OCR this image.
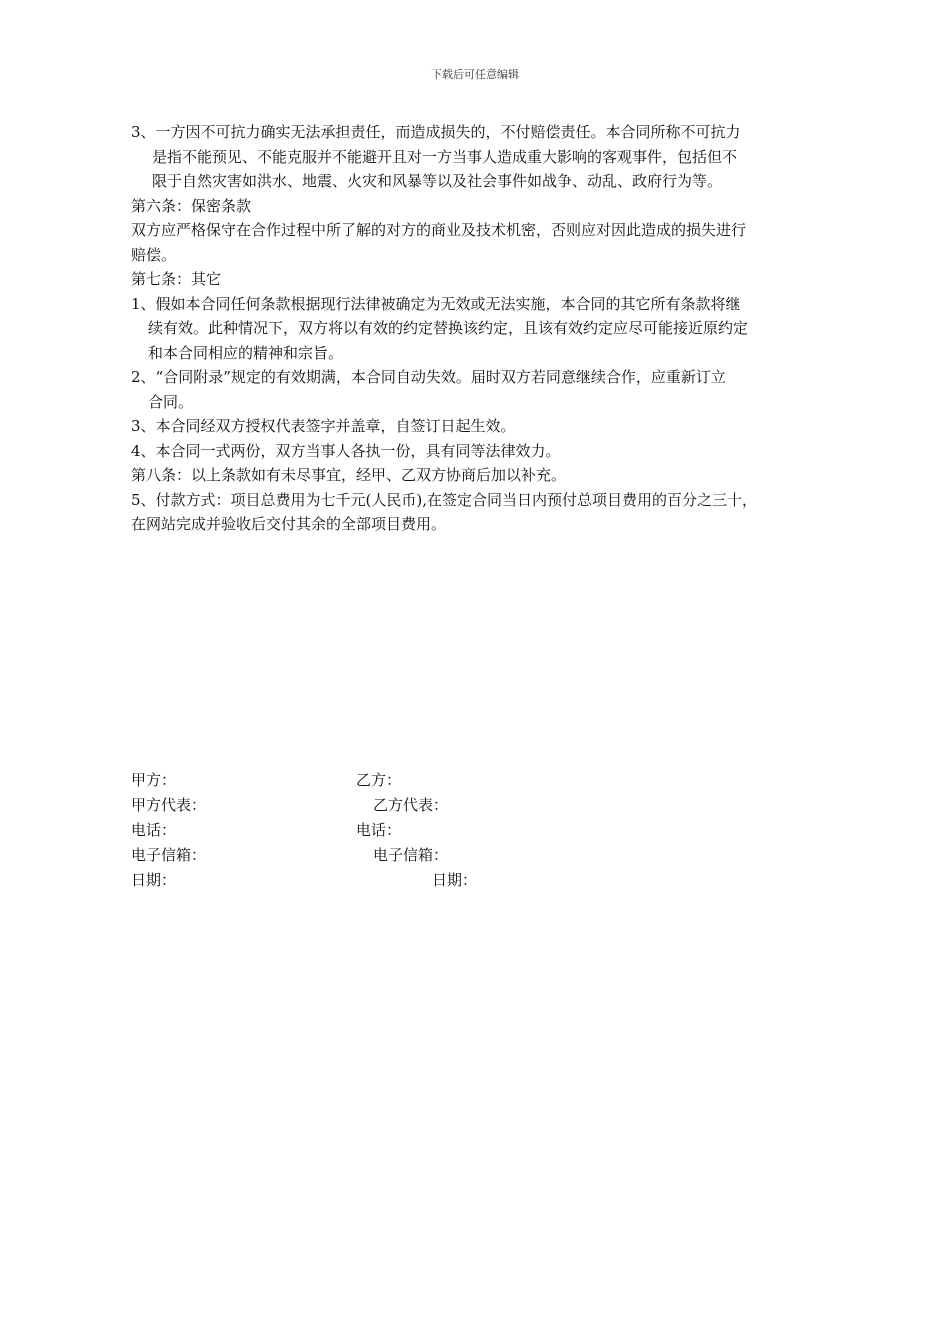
下载后可任意编辑
3、一方因不可抗力确实无法承担责任，而造成损失的，不付赔偿责任。本合同所称不可抗力
是指不能预见、不能克服并不能避开且对一方当事人造成重大影响的客观事件，包括但不
限于自然灾害如洪水、地震、火灾和风暴等以及社会事件如战争、动乱、政府行为等。
第六条：保密条款
双方应严格保守在合作过程中所了解的对方的商业及技术机密，否则应对因此造成的损失进行
赔偿。
第七条：其它
1、假如本合同任何条款根据现行法律被确定为无效或无法实施，本合同的其它所有条款将继
续有效。此种情况下，双方将以有效的约定替换该约定，且该有效约定应尽可能接近原约定
和本合同相应的精神和宗旨。
2、“合同附录”规定的有效期满，本合同自动失效。届时双方若同意继续合作，应重新订立
合同。
3、本合同经双方授权代表签字并盖章，自签订日起生效。
4、本合同一式两份，双方当事人各执一份，具有同等法律效力。
第八条：以上条款如有未尽事宜，经甲、乙双方协商后加以补充。
5、付款方式：项目总费用为七千元(人民币),在签定合同当日内预付总项目费用的百分之三十，
在网站完成并验收后交付其余的全部项目费用。
甲方：	乙方：
甲方代表：	乙方代表：
电话：	电话：
电子信箱：	电子信箱：
日期：	日期：
